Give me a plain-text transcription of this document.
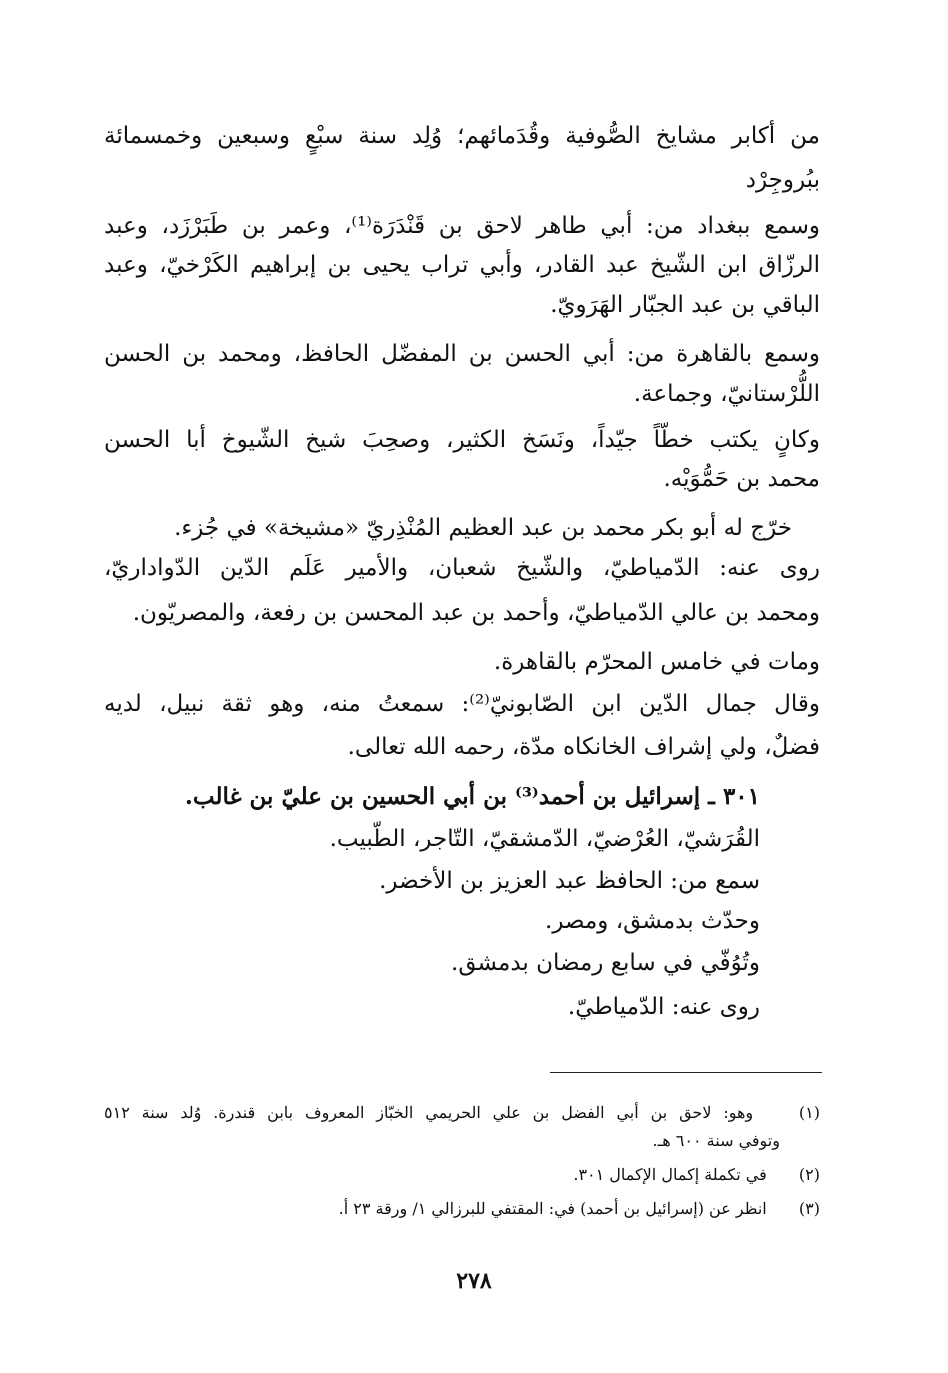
من أكابر مشايخ الصُّوفية وقُدَمائهم؛ وُلِد سنة سبْعٍ وسبعين وخمسمائة
ببُروجِرْد
وسمع ببغداد من: أبي طاهر لاحق بن قَنْدَرَة⁽¹⁾، وعمر بن طَبَرْزَد، وعبد
الرزّاق ابن الشّيخ عبد القادر، وأبي تراب يحيى بن إبراهيم الكَرْخيّ، وعبد
الباقي بن عبد الجبّار الهَرَويّ.
وسمع بالقاهرة من: أبي الحسن بن المفضّل الحافظ، ومحمد بن الحسن
اللُّرْستانيّ، وجماعة.
وكانٍ يكتب خطّاً جيّداً، ونَسَخ الكثير، وصحِبَ شيخ الشّيوخ أبا الحسن
محمد بن حَمُّوَيْه.
خرّج له أبو بكر محمد بن عبد العظيم المُنْذِريّ «مشيخة» في جُزء.
روى عنه: الدّمياطيّ، والشّيخ شعبان، والأمير عَلَم الدّين الدّواداريّ،
ومحمد بن عالي الدّمياطيّ، وأحمد بن عبد المحسن بن رفعة، والمصريّون.
ومات في خامس المحرّم بالقاهرة.
وقال جمال الدّين ابن الصّابونيّ⁽²⁾: سمعتُ منه، وهو ثقة نبيل، لديه
فضلٌ، ولي إشراف الخانكاه مدّة، رحمه الله تعالى.
٣٠١ ـ إسرائيل بن أحمد⁽³⁾ بن أبي الحسين بن عليّ بن غالب.
القُرَشيّ، العُرْضيّ، الدّمشقيّ، التّاجر، الطّبيب.
سمع من: الحافظ عبد العزيز بن الأخضر.
وحدّث بدمشق، ومصر.
وتُوُفّي في سابع رمضان بدمشق.
روى عنه: الدّمياطيّ.
(١)  وهو: لاحق بن أبي الفضل بن علي الحريمي الخبّاز المعروف بابن قندرة. وُلد سنة ٥١٢
وتوفي سنة ٦٠٠ هـ.
(٢)  في تكملة إكمال الإكمال ٣٠١.
(٣)  انظر عن (إسرائيل بن أحمد) في: المقتفي للبرزالي ١/ ورقة ٢٣ أ.
٢٧٨
